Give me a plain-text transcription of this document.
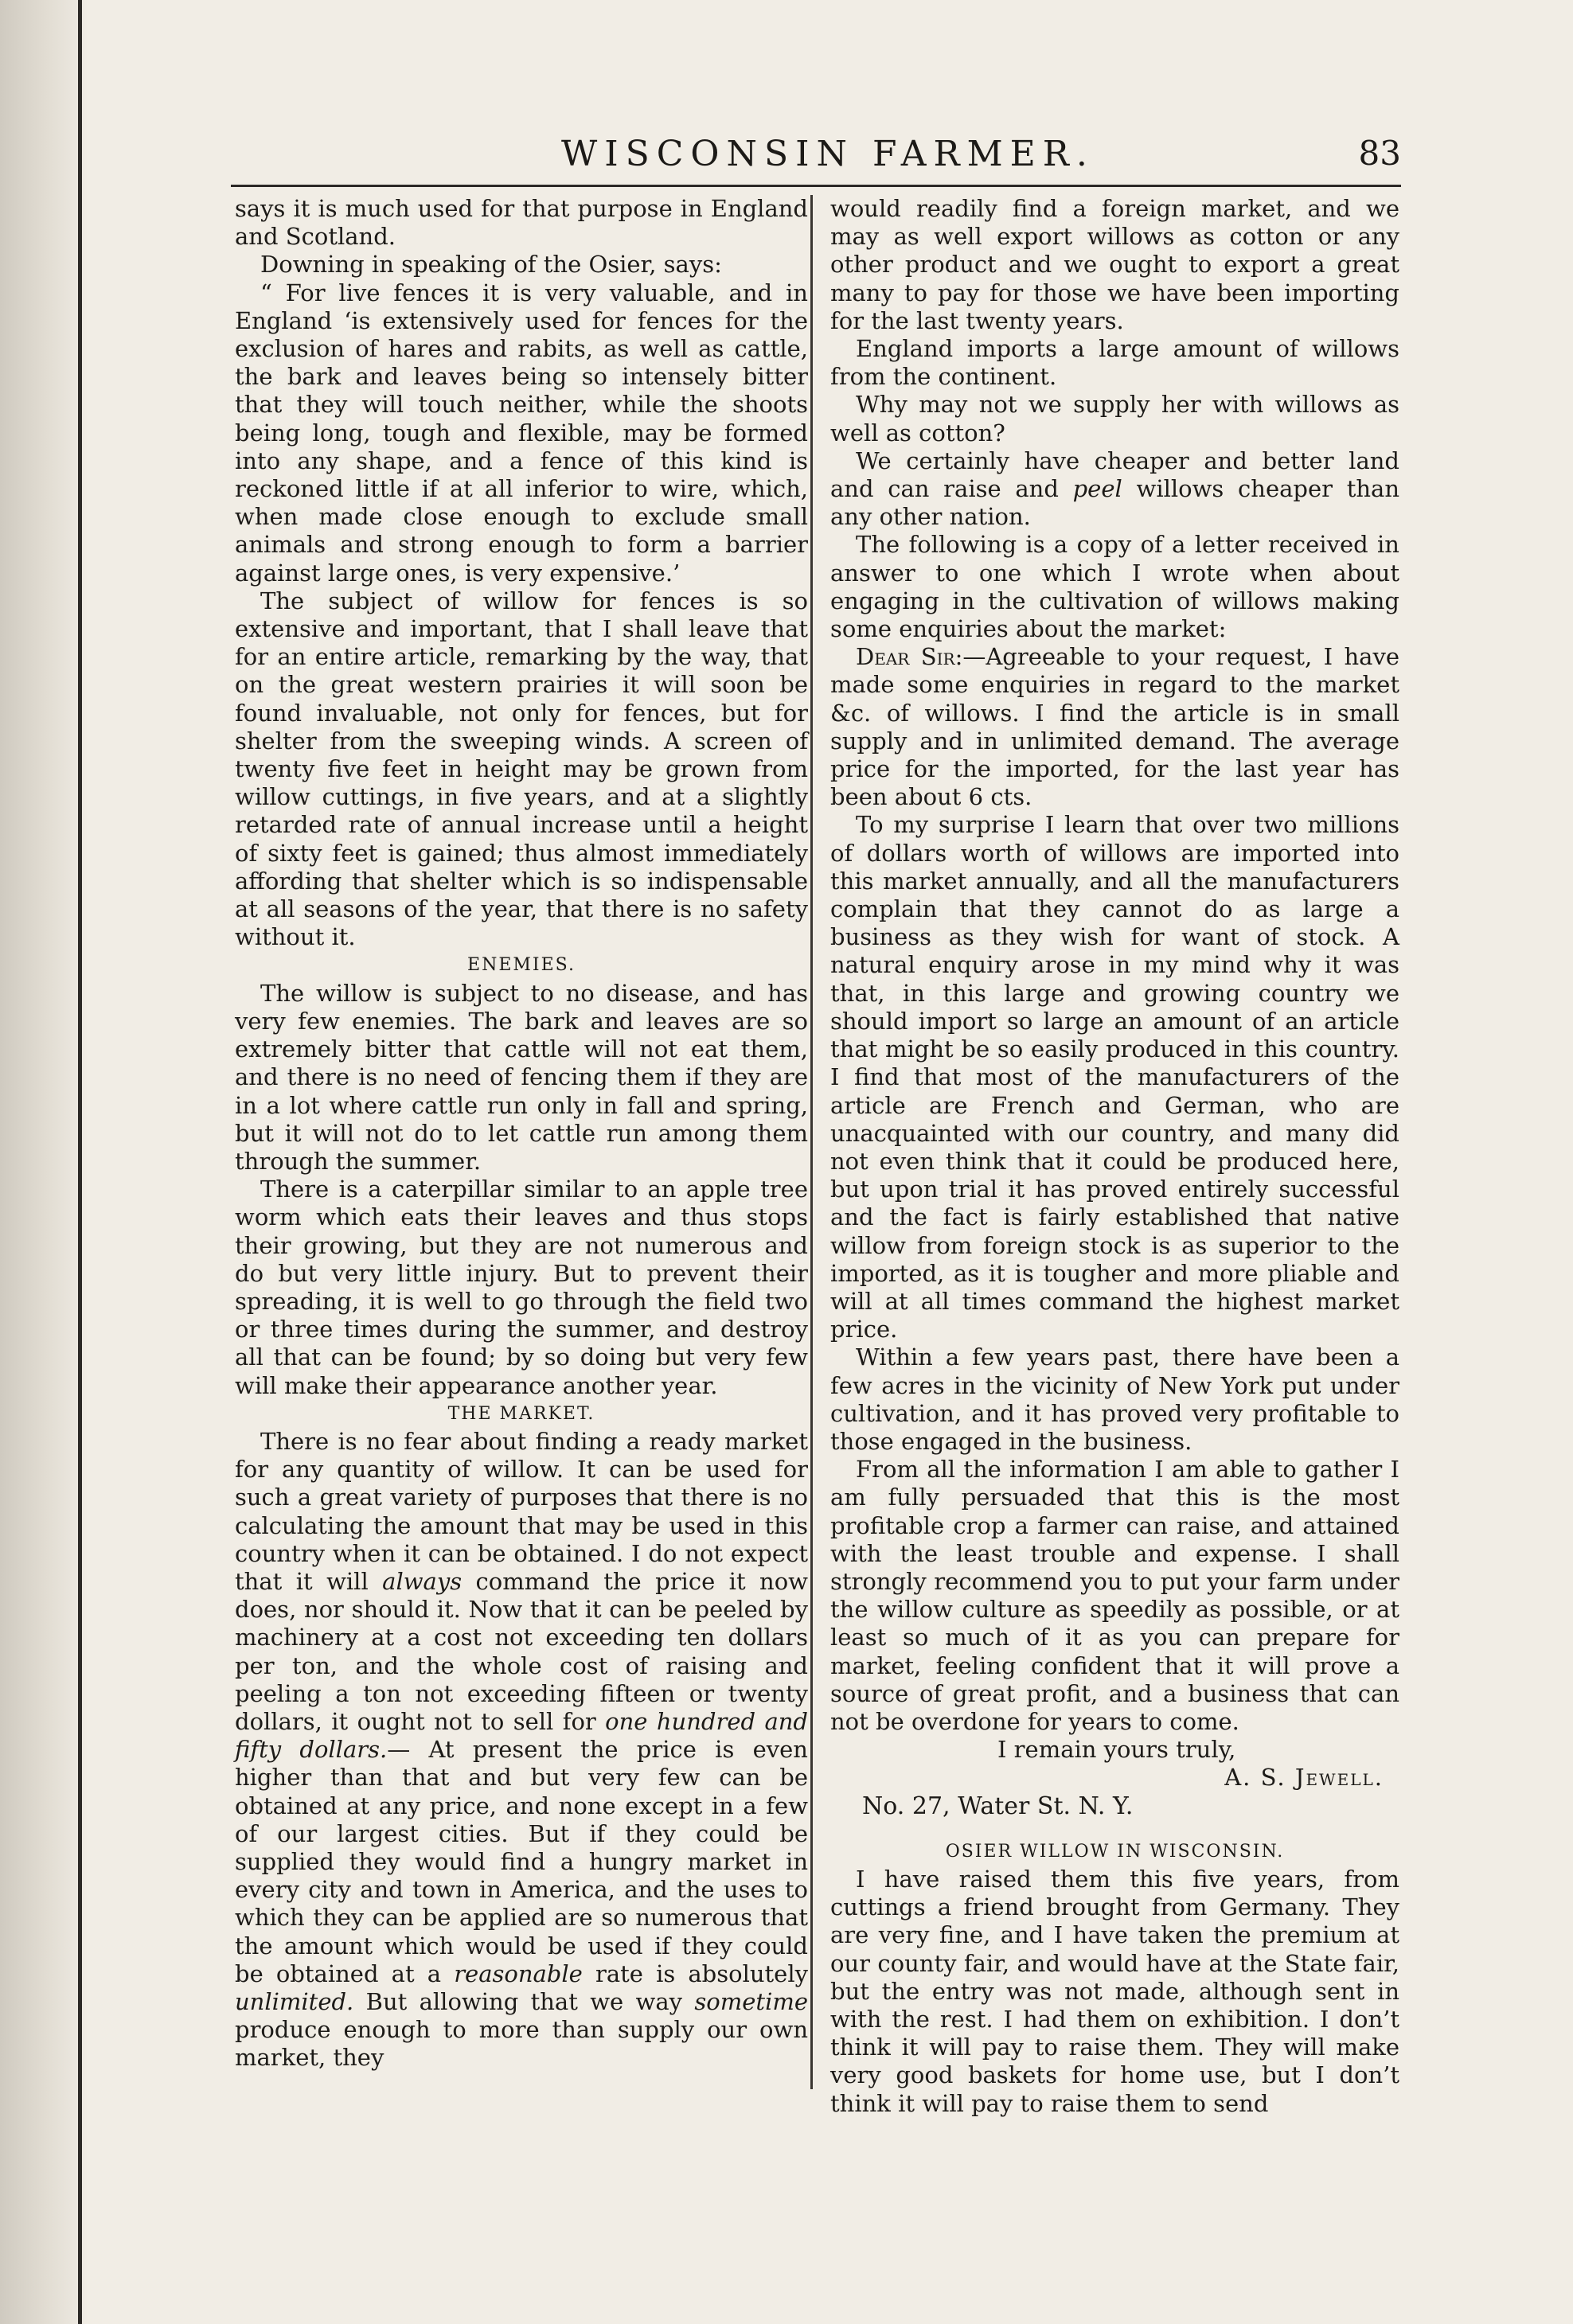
WISCONSIN FARMER.	83

says it is much used for that purpose in England and Scotland.

Downing in speaking of the Osier, says:

“ For live fences it is very valuable, and in England ‘is extensively used for fences for the exclusion of hares and rabits, as well as cattle, the bark and leaves being so intensely bitter that they will touch neither, while the shoots being long, tough and flexible, may be formed into any shape, and a fence of this kind is reckoned little if at all inferior to wire, which, when made close enough to exclude small animals and strong enough to form a barrier against large ones, is very expensive.’

The subject of willow for fences is so extensive and important, that I shall leave that for an entire article, remarking by the way, that on the great western prairies it will soon be found invaluable, not only for fences, but for shelter from the sweeping winds. A screen of twenty five feet in height may be grown from willow cuttings, in five years, and at a slightly retarded rate of annual increase until a height of sixty feet is gained; thus almost immediately affording that shelter which is so indispensable at all seasons of the year, that there is no safety without it.

ENEMIES.

The willow is subject to no disease, and has very few enemies. The bark and leaves are so extremely bitter that cattle will not eat them, and there is no need of fencing them if they are in a lot where cattle run only in fall and spring, but it will not do to let cattle run among them through the summer.

There is a caterpillar similar to an apple tree worm which eats their leaves and thus stops their growing, but they are not numerous and do but very little injury. But to prevent their spreading, it is well to go through the field two or three times during the summer, and destroy all that can be found; by so doing but very few will make their appearance another year.

THE MARKET.

There is no fear about finding a ready market for any quantity of willow. It can be used for such a great variety of purposes that there is no calculating the amount that may be used in this country when it can be obtained. I do not expect that it will always command the price it now does, nor should it. Now that it can be peeled by machinery at a cost not exceeding ten dollars per ton, and the whole cost of raising and peeling a ton not exceeding fifteen or twenty dollars, it ought not to sell for one hundred and fifty dollars.— At present the price is even higher than that and but very few can be obtained at any price, and none except in a few of our largest cities. But if they could be supplied they would find a hungry market in every city and town in America, and the uses to which they can be applied are so numerous that the amount which would be used if they could be obtained at a reasonable rate is absolutely unlimited. But allowing that we way sometime produce enough to more than supply our own market, they

would readily find a foreign market, and we may as well export willows as cotton or any other product and we ought to export a great many to pay for those we have been importing for the last twenty years.

England imports a large amount of willows from the continent.

Why may not we supply her with willows as well as cotton?

We certainly have cheaper and better land and can raise and peel willows cheaper than any other nation.

The following is a copy of a letter received in answer to one which I wrote when about engaging in the cultivation of willows making some enquiries about the market:

Dear Sir:—Agreeable to your request, I have made some enquiries in regard to the market &c. of willows. I find the article is in small supply and in unlimited demand. The average price for the imported, for the last year has been about 6 cts.

To my surprise I learn that over two millions of dollars worth of willows are imported into this market annually, and all the manufacturers complain that they cannot do as large a business as they wish for want of stock. A natural enquiry arose in my mind why it was that, in this large and growing country we should import so large an amount of an article that might be so easily produced in this country. I find that most of the manufacturers of the article are French and German, who are unacquainted with our country, and many did not even think that it could be produced here, but upon trial it has proved entirely successful and the fact is fairly established that native willow from foreign stock is as superior to the imported, as it is tougher and more pliable and will at all times command the highest market price.

Within a few years past, there have been a few acres in the vicinity of New York put under cultivation, and it has proved very profitable to those engaged in the business.

From all the information I am able to gather I am fully persuaded that this is the most profitable crop a farmer can raise, and attained with the least trouble and expense. I shall strongly recommend you to put your farm under the willow culture as speedily as possible, or at least so much of it as you can prepare for market, feeling confident that it will prove a source of great profit, and a business that can not be overdone for years to come.

I remain yours truly,

A. S. Jewell.

No. 27, Water St. N. Y.

OSIER WILLOW IN WISCONSIN.

I have raised them this five years, from cuttings a friend brought from Germany. They are very fine, and I have taken the premium at our county fair, and would have at the State fair, but the entry was not made, although sent in with the rest. I had them on exhibition. I don’t think it will pay to raise them. They will make very good baskets for home use, but I don’t think it will pay to raise them to send
